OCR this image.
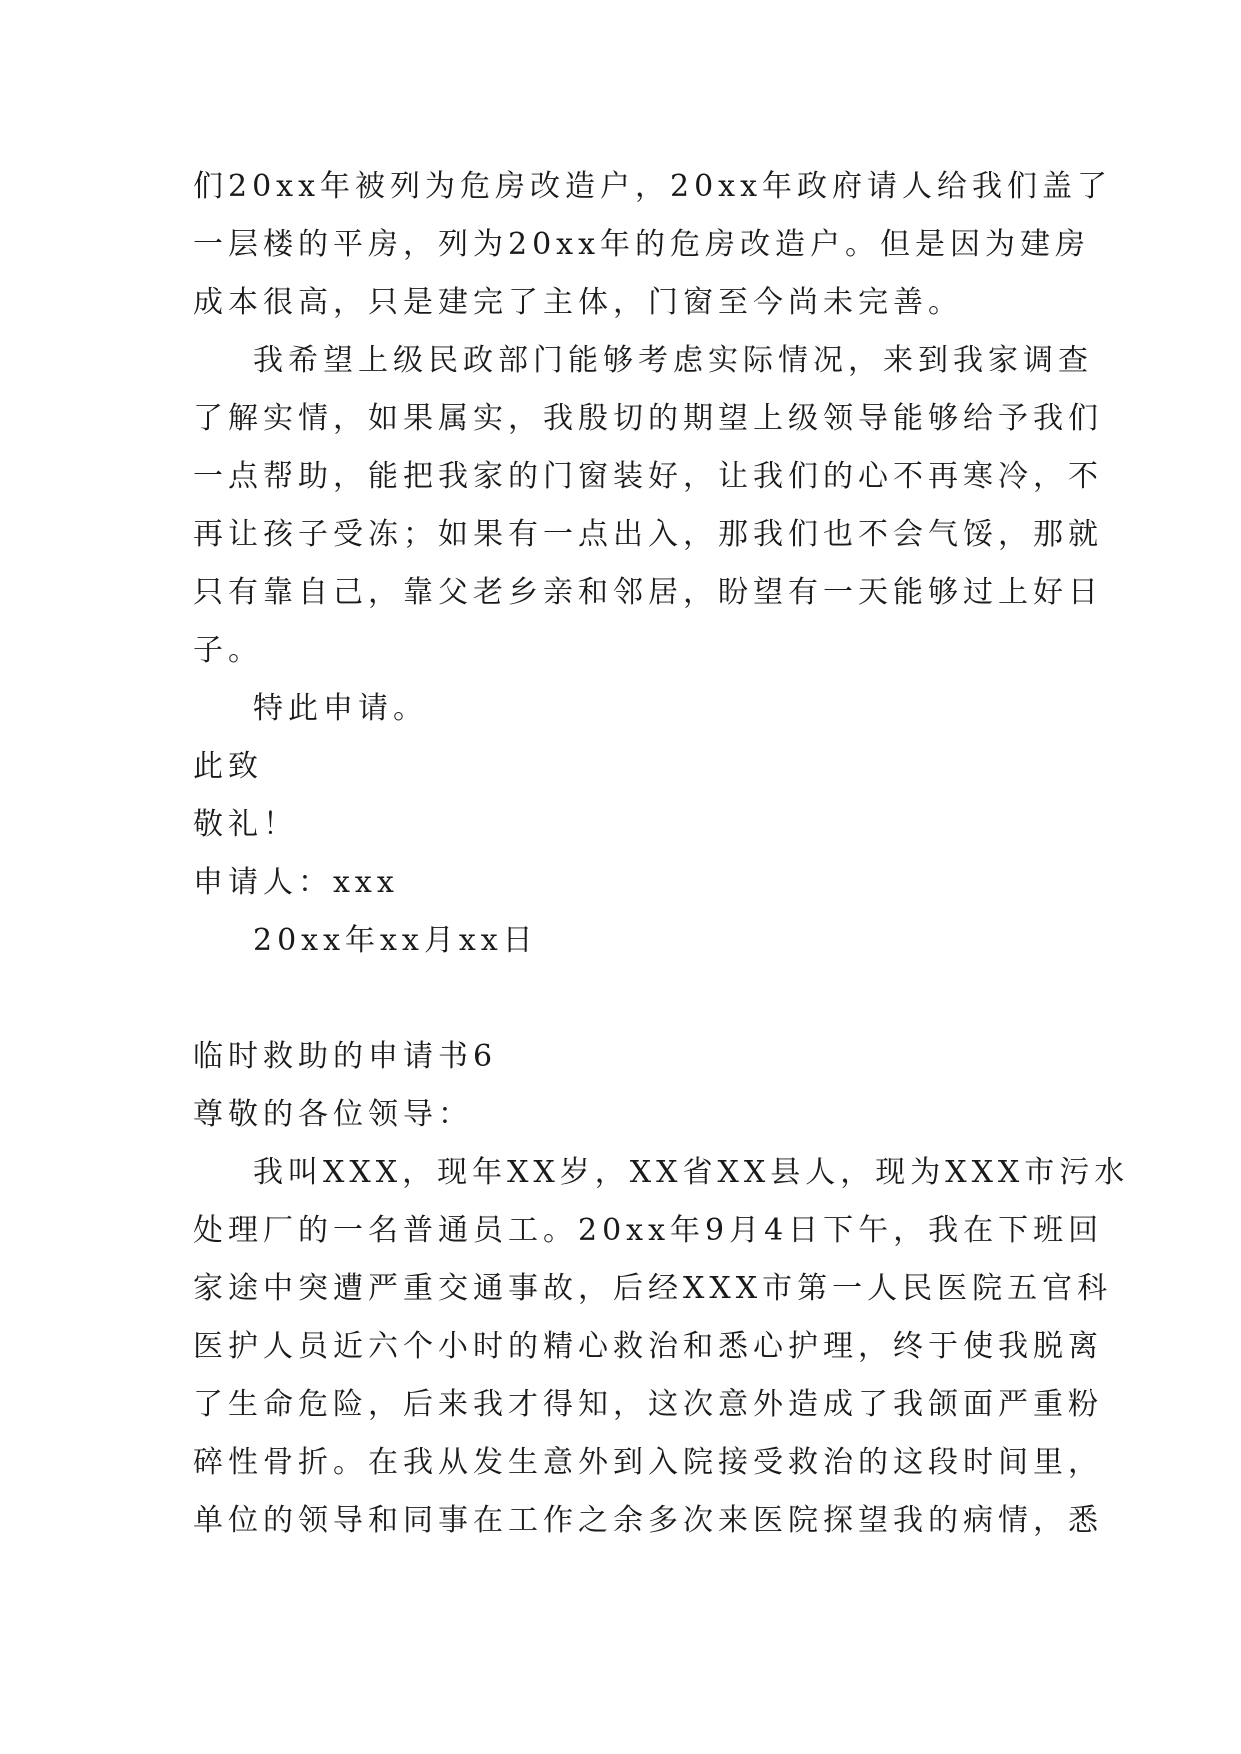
们20xx年被列为危房改造户，20xx年政府请人给我们盖了
一层楼的平房，列为20xx年的危房改造户。但是因为建房
成本很高，只是建完了主体，门窗至今尚未完善。
我希望上级民政部门能够考虑实际情况，来到我家调查
了解实情，如果属实，我殷切的期望上级领导能够给予我们
一点帮助，能把我家的门窗装好，让我们的心不再寒冷，不
再让孩子受冻；如果有一点出入，那我们也不会气馁，那就
只有靠自己，靠父老乡亲和邻居，盼望有一天能够过上好日
子。
特此申请。
此致
敬礼！
申请人：xxx
20xx年xx月xx日
临时救助的申请书6
尊敬的各位领导：
我叫XXX，现年XX岁，XX省XX县人，现为XXX市污水
处理厂的一名普通员工。20xx年9月4日下午，我在下班回
家途中突遭严重交通事故，后经XXX市第一人民医院五官科
医护人员近六个小时的精心救治和悉心护理，终于使我脱离
了生命危险，后来我才得知，这次意外造成了我颌面严重粉
碎性骨折。在我从发生意外到入院接受救治的这段时间里，
单位的领导和同事在工作之余多次来医院探望我的病情，悉
